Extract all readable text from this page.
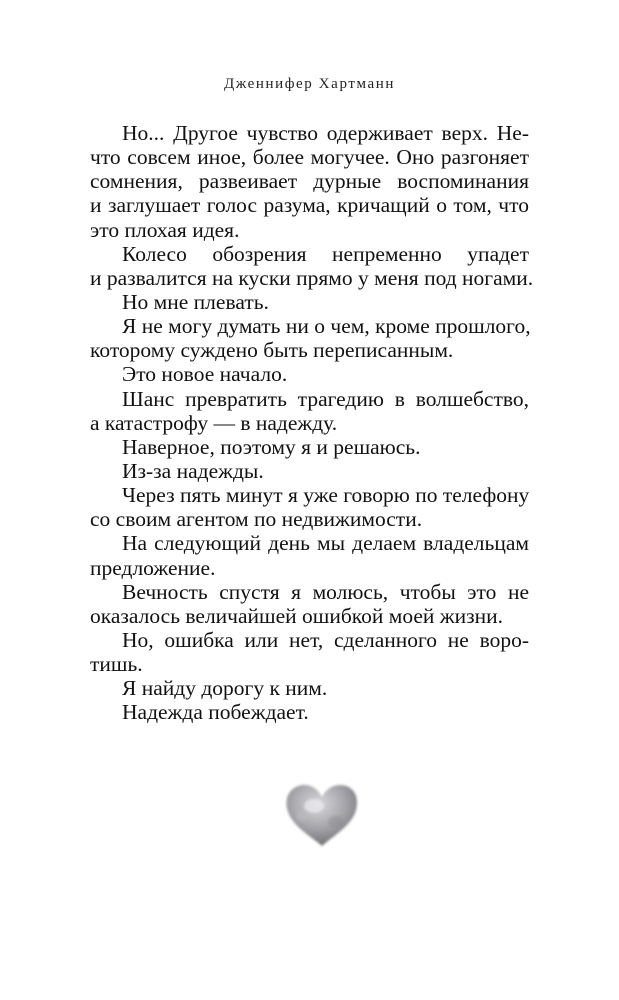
Дженнифер Хартманн
Но... Другое чувство одерживает верх. Не-
что совсем иное, более могучее. Оно разгоняет
сомнения, развеивает дурные воспоминания
и заглушает голос разума, кричащий о том, что
это плохая идея.
Колесо обозрения непременно упадет
и развалится на куски прямо у меня под ногами.
Но мне плевать.
Я не могу думать ни о чем, кроме прошлого,
которому суждено быть переписанным.
Это новое начало.
Шанс превратить трагедию в волшебство,
а катастрофу — в надежду.
Наверное, поэтому я и решаюсь.
Из-за надежды.
Через пять минут я уже говорю по телефону
со своим агентом по недвижимости.
На следующий день мы делаем владельцам
предложение.
Вечность спустя я молюсь, чтобы это не
оказалось величайшей ошибкой моей жизни.
Но, ошибка или нет, сделанного не воро-
тишь.
Я найду дорогу к ним.
Надежда побеждает.
